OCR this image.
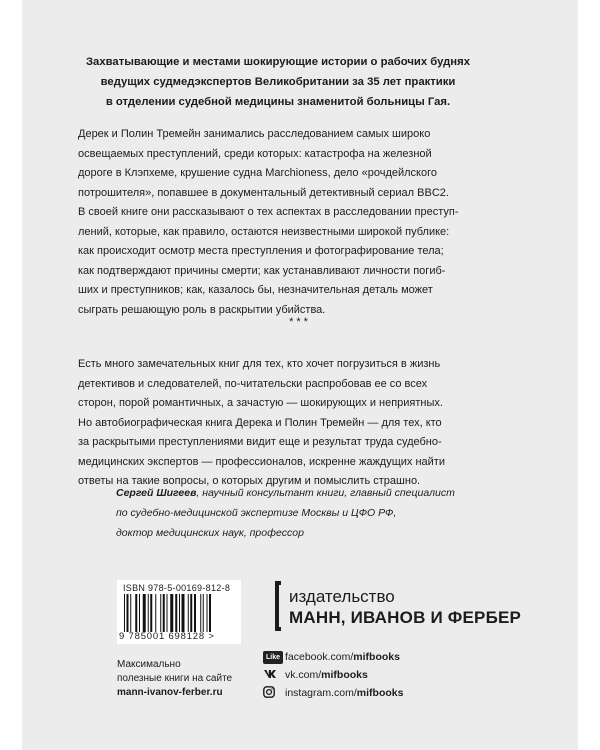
Захватывающие и местами шокирующие истории о рабочих буднях
ведущих судмедэкспертов Великобритании за 35 лет практики
в отделении судебной медицины знаменитой больницы Гая.
Дерек и Полин Тремейн занимались расследованием самых широко
освещаемых преступлений, среди которых: катастрофа на железной
дороге в Клэпхеме, крушение судна Marchioness, дело «рочдейлского
потрошителя», попавшее в документальный детективный сериал BBC2.
В своей книге они рассказывают о тех аспектах в расследовании преступ-
лений, которые, как правило, остаются неизвестными широкой публике:
как происходит осмотр места преступления и фотографирование тела;
как подтверждают причины смерти; как устанавливают личности погиб-
ших и преступников; как, казалось бы, незначительная деталь может
сыграть решающую роль в раскрытии убийства.
***
Есть много замечательных книг для тех, кто хочет погрузиться в жизнь
детективов и следователей, по-читательски распробовав ее со всех
сторон, порой романтичных, а зачастую — шокирующих и неприятных.
Но автобиографическая книга Дерека и Полин Тремейн — для тех, кто
за раскрытыми преступлениями видит еще и результат труда судебно-
медицинских экспертов — профессионалов, искренне жаждущих найти
ответы на такие вопросы, о которых другим и помыслить страшно.
Сергей Шигеев, научный консультант книги, главный специалист
по судебно-медицинской экспертизе Москвы и ЦФО РФ,
доктор медицинских наук, профессор
ISBN 978-5-00169-812-8
9 785001 698128 >
Максимально
полезные книги на сайте
mann-ivanov-ferber.ru
издательство
МАНН, ИВАНОВ И ФЕРБЕР
Like facebook.com/mifbooks
vk.com/mifbooks
instagram.com/mifbooks
